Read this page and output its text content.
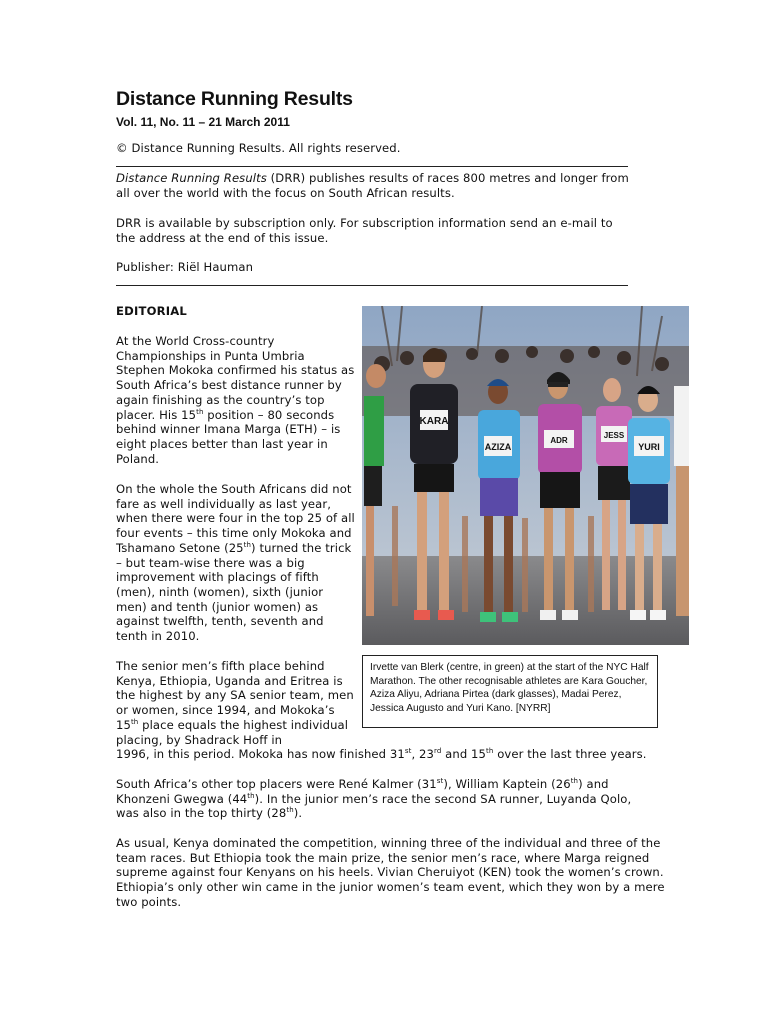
Distance Running Results
Vol. 11, No. 11 – 21 March 2011

© Distance Running Results. All rights reserved.

Distance Running Results (DRR) publishes results of races 800 metres and longer from all over the world with the focus on South African results.

DRR is available by subscription only. For subscription information send an e-mail to the address at the end of this issue.

Publisher: Riël Hauman

EDITORIAL

At the World Cross-country Championships in Punta Umbria Stephen Mokoka confirmed his status as South Africa’s best distance runner by again finishing as the country’s top placer. His 15th position – 80 seconds behind winner Imana Marga (ETH) – is eight places better than last year in Poland.

On the whole the South Africans did not fare as well individually as last year, when there were four in the top 25 of all four events – this time only Mokoka and Tshamano Setone (25th) turned the trick – but team-wise there was a big improvement with placings of fifth (men), ninth (women), sixth (junior men) and tenth (junior women) as against twelfth, tenth, seventh and tenth in 2010.

The senior men’s fifth place behind Kenya, Ethiopia, Uganda and Eritrea is the highest by any SA senior team, men or women, since 1994, and Mokoka’s 15th place equals the highest individual placing, by Shadrack Hoff in

1996, in this period. Mokoka has now finished 31st, 23rd and 15th over the last three years.

South Africa’s other top placers were René Kalmer (31st), William Kaptein (26th) and Khonzeni Gwegwa (44th). In the junior men’s race the second SA runner, Luyanda Qolo, was also in the top thirty (28th).

As usual, Kenya dominated the competition, winning three of the individual and three of the team races. But Ethiopia took the main prize, the senior men’s race, where Marga reigned supreme against four Kenyans on his heels. Vivian Cheruiyot (KEN) took the women’s crown. Ethiopia’s only other win came in the junior women’s team event, which they won by a mere two points.

KARA
AZIZA
ADR
JESS
YURI
Irvette van Blerk (centre, in green) at the start of the NYC Half Marathon. The other recognisable athletes are Kara Goucher, Aziza Aliyu, Adriana Pirtea (dark glasses), Madai Perez, Jessica Augusto and Yuri Kano. [NYRR]
